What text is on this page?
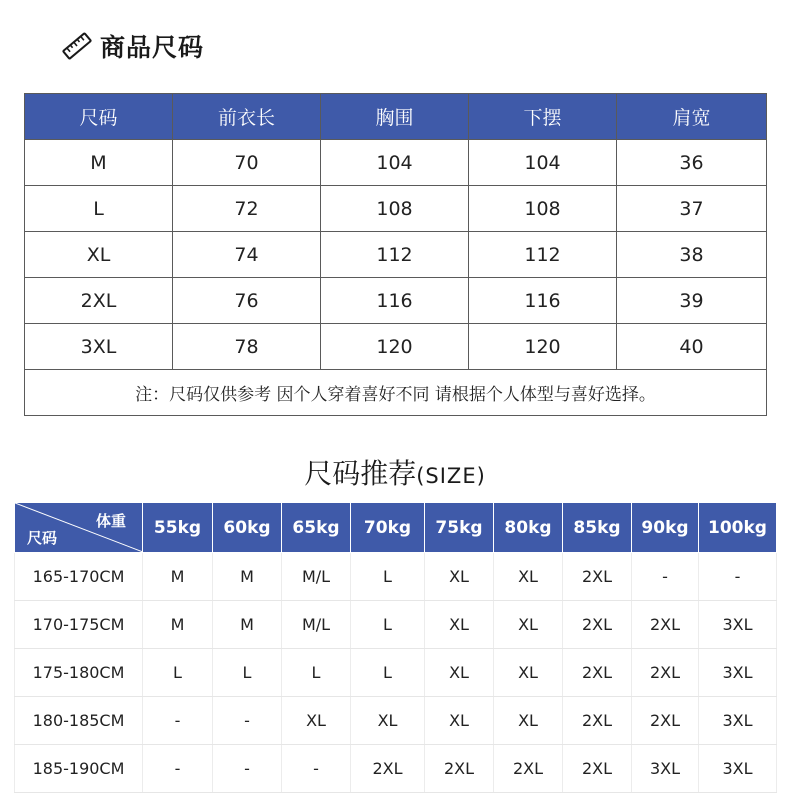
商品尺码
尺码	前衣长	胸围	下摆	肩宽
M	70	104	104	36
L	72	108	108	37
XL	74	112	112	38
2XL	76	116	116	39
3XL	78	120	120	40
注：尺码仅供参考 因个人穿着喜好不同 请根据个人体型与喜好选择。				
尺码推荐(SIZE)
体重
尺码	55kg	60kg	65kg	70kg	75kg	80kg	85kg	90kg	100kg
165-170CM	M	M	M/L	L	XL	XL	2XL	-	-
170-175CM	M	M	M/L	L	XL	XL	2XL	2XL	3XL
175-180CM	L	L	L	L	XL	XL	2XL	2XL	3XL
180-185CM	-	-	XL	XL	XL	XL	2XL	2XL	3XL
185-190CM	-	-	-	2XL	2XL	2XL	2XL	3XL	3XL
